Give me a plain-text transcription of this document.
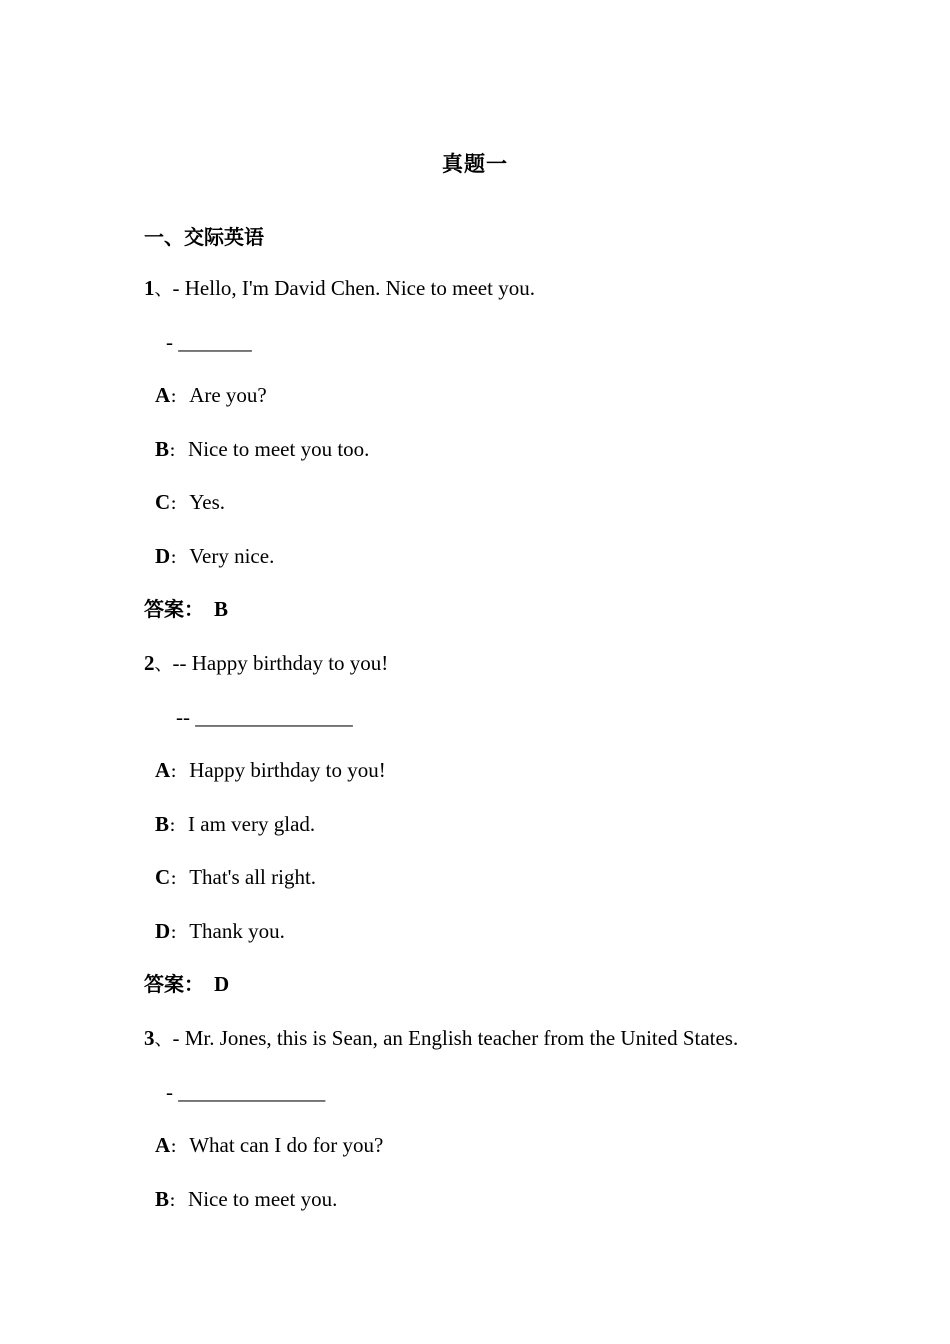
真题一
一、交际英语
1、- Hello, I'm David Chen. Nice to meet you.
- _______
A： Are you?
B： Nice to meet you too.
C： Yes.
D： Very nice.
答案： B
2、-- Happy birthday to you!
-- _______________
A： Happy birthday to you!
B： I am very glad.
C： That's all right.
D： Thank you.
答案： D
3、- Mr. Jones, this is Sean, an English teacher from the United States.
- ______________
A： What can I do for you?
B： Nice to meet you.
